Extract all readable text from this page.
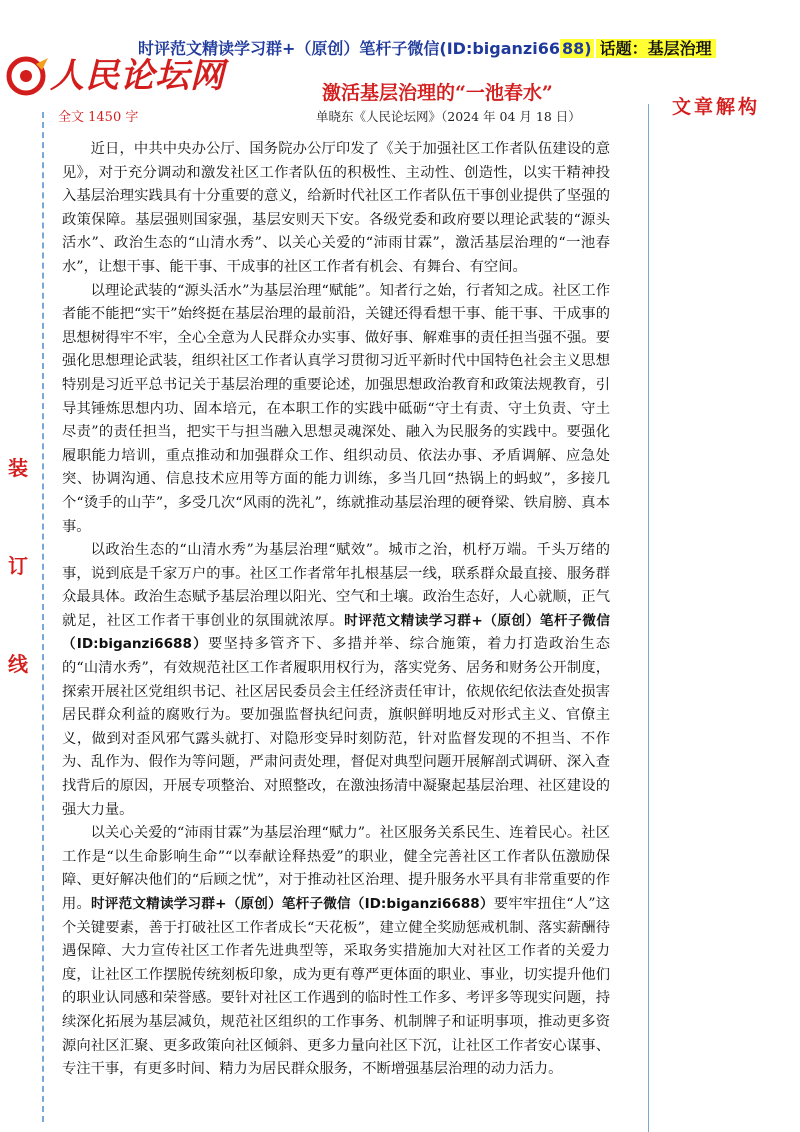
时评范文精读学习群+（原创）笔杆子微信(ID:biganzi66 88) 话题：基层治理
人民论坛网	激活基层治理的“一池春水”
文章解构
装
订
线
全文 1450 字	单晓东《人民论坛网》（2024 年 04 月 18 日）

近日，中共中央办公厅、国务院办公厅印发了《关于加强社区工作者队伍建设的意见》，对于充分调动和激发社区工作者队伍的积极性、主动性、创造性，以实干精神投入基层治理实践具有十分重要的意义，给新时代社区工作者队伍干事创业提供了坚强的政策保障。基层强则国家强，基层安则天下安。各级党委和政府要以理论武装的“源头活水”、政治生态的“山清水秀”、以关心关爱的“沛雨甘霖”，激活基层治理的“一池春水”，让想干事、能干事、干成事的社区工作者有机会、有舞台、有空间。

以理论武装的“源头活水”为基层治理“赋能”。知者行之始，行者知之成。社区工作者能不能把“实干”始终挺在基层治理的最前沿，关键还得看想干事、能干事、干成事的思想树得牢不牢，全心全意为人民群众办实事、做好事、解难事的责任担当强不强。要强化思想理论武装，组织社区工作者认真学习贯彻习近平新时代中国特色社会主义思想特别是习近平总书记关于基层治理的重要论述，加强思想政治教育和政策法规教育，引导其锤炼思想内功、固本培元，在本职工作的实践中砥砺“守土有责、守土负责、守土尽责”的责任担当，把实干与担当融入思想灵魂深处、融入为民服务的实践中。要强化履职能力培训，重点推动和加强群众工作、组织动员、依法办事、矛盾调解、应急处突、协调沟通、信息技术应用等方面的能力训练，多当几回“热锅上的蚂蚁”，多接几个“烫手的山芋”，多受几次“风雨的洗礼”，练就推动基层治理的硬脊梁、铁肩膀、真本事。

以政治生态的“山清水秀”为基层治理“赋效”。城市之治，机杼万端。千头万绪的事，说到底是千家万户的事。社区工作者常年扎根基层一线，联系群众最直接、服务群众最具体。政治生态赋予基层治理以阳光、空气和土壤。政治生态好，人心就顺，正气就足，社区工作者干事创业的氛围就浓厚。时评范文精读学习群+（原创）笔杆子微信（ID:biganzi6688）要坚持多管齐下、多措并举、综合施策，着力打造政治生态的“山清水秀”，有效规范社区工作者履职用权行为，落实党务、居务和财务公开制度，探索开展社区党组织书记、社区居民委员会主任经济责任审计，依规依纪依法查处损害居民群众利益的腐败行为。要加强监督执纪问责，旗帜鲜明地反对形式主义、官僚主义，做到对歪风邪气露头就打、对隐形变异时刻防范，针对监督发现的不担当、不作为、乱作为、假作为等问题，严肃问责处理，督促对典型问题开展解剖式调研、深入查找背后的原因，开展专项整治、对照整改，在激浊扬清中凝聚起基层治理、社区建设的强大力量。

以关心关爱的“沛雨甘霖”为基层治理“赋力”。社区服务关系民生、连着民心。社区工作是“以生命影响生命”“以奉献诠释热爱”的职业，健全完善社区工作者队伍激励保障、更好解决他们的“后顾之忧”，对于推动社区治理、提升服务水平具有非常重要的作用。时评范文精读学习群+（原创）笔杆子微信（ID:biganzi6688）要牢牢扭住“人”这个关键要素，善于打破社区工作者成长“天花板”，建立健全奖励惩戒机制、落实薪酬待遇保障、大力宣传社区工作者先进典型等，采取务实措施加大对社区工作者的关爱力度，让社区工作摆脱传统刻板印象，成为更有尊严更体面的职业、事业，切实提升他们的职业认同感和荣誉感。要针对社区工作遇到的临时性工作多、考评多等现实问题，持续深化拓展为基层减负，规范社区组织的工作事务、机制牌子和证明事项，推动更多资源向社区汇聚、更多政策向社区倾斜、更多力量向社区下沉，让社区工作者安心谋事、专注干事，有更多时间、精力为居民群众服务，不断增强基层治理的动力活力。
